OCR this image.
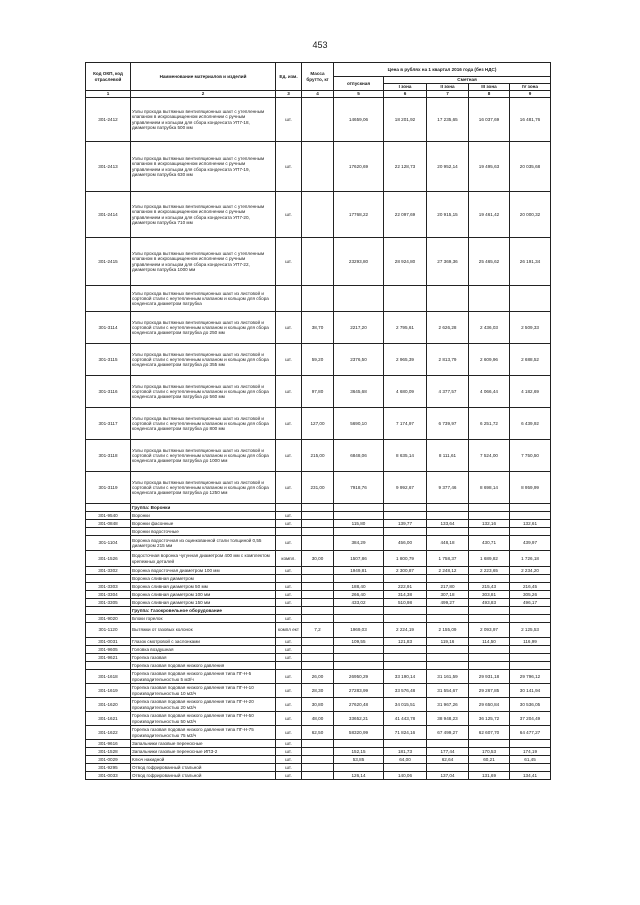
453
Код ОКП, код отраслевой	Наименование материалов и изделий	Ед. изм.	Масса брутто, кг	Цена в рублях на 1 квартал 2016 года (без НДС)				
				отпускная	Сметная			
					I зона	II зона	III зона	IV зона
1	2	3	4	5	6	7	8	9
301-2412	Узлы прохода вытяжных вентиляционных шахт с утепленным клапаном в искрозащищенном исполнении с ручным управлением и кольцом для сбора конденсата УП7-18, диаметром патрубка 500 мм	шт.		14659,06	18 201,92	17 235,65	16 037,69	16 481,76
301-2413	Узлы прохода вытяжных вентиляционных шахт с утепленным клапаном в искрозащищенном исполнении с ручным управлением и кольцом для сбора конденсата УП7-19, диаметром патрубка 630 мм	шт.		17620,69	22 128,73	20 952,14	19 495,63	20 035,68
301-2414	Узлы прохода вытяжных вентиляционных шахт с утепленным клапаном в искрозащищенном исполнении с ручным управлением и кольцом для сбора конденсата УП7-20, диаметром патрубка 710 мм	шт.		17768,22	22 097,69	20 915,15	19 461,42	20 000,32
301-2415	Узлы прохода вытяжных вентиляционных шахт с утепленным клапаном в искрозащищенном исполнении с ручным управлением и кольцом для сбора конденсата УП7-22, диаметром патрубка 1000 мм	шт.		23293,80	28 924,80	27 369,36	25 465,62	26 191,34
	Узлы прохода вытяжных вентиляционных шахт из листовой и сортовой стали с неутепленным клапаном и кольцом для сбора конденсата диаметром патрубка							
301-3114	Узлы прохода вытяжных вентиляционных шахт из листовой и сортовой стали с неутепленным клапаном и кольцом для сбора конденсата диаметром патрубка до 250 мм	шт.	38,70	2217,20	2 795,61	2 626,28	2 436,03	2 509,33
301-3115	Узлы прохода вытяжных вентиляционных шахт из листовой и сортовой стали с неутепленным клапаном и кольцом для сбора конденсата диаметром патрубка до 355 мм	шт.	59,20	2376,50	2 965,39	2 813,79	2 609,96	2 688,52
301-3116	Узлы прохода вытяжных вентиляционных шахт из листовой и сортовой стали с неутепленным клапаном и кольцом для сбора конденсата диаметром патрубка до 560 мм	шт.	97,80	3645,68	4 680,09	4 377,57	4 066,44	4 182,69
301-3117	Узлы прохода вытяжных вентиляционных шахт из листовой и сортовой стали с неутепленным клапаном и кольцом для сбора конденсата диаметром патрубка до 800 мм	шт.	127,00	5690,10	7 174,97	6 739,97	6 251,72	6 439,92
301-3118	Узлы прохода вытяжных вентиляционных шахт из листовой и сортовой стали с неутепленным клапаном и кольцом для сбора конденсата диаметром патрубка до 1000 мм	шт.	215,00	6848,06	8 635,14	8 111,61	7 524,00	7 750,50
301-3119	Узлы прохода вытяжных вентиляционных шахт из листовой и сортовой стали с неутепленным клапаном и кольцом для сбора конденсата диаметром патрубка до 1250 мм	шт.	231,00	7918,76	9 992,67	9 377,46	8 698,14	8 959,99
	Группа: Воронки							
301-9540	Воронки	шт.						
301-0848	Воронки фасонные	шт.		115,80	139,77	133,64	132,16	132,61
	Воронки водосточные							
301-1104	Воронка водосточная из оцинкованной стали толщиной 0,55 диаметром 215 мм	шт.		384,29	456,00	448,18	430,71	439,97
301-1526	Водосточная воронка чугунная диаметром 400 мм с комплектом крепежных деталей	компл.	30,00	1507,86	1 800,79	1 758,37	1 689,82	1 726,18
301-3302	Воронка водосточная диаметром 100 мм	шт.		1949,81	2 300,87	2 248,12	2 223,65	2 234,20
	Воронка сливная диаметром							
301-3303	Воронка сливная диаметром 50 мм	шт.		188,40	222,91	217,80	215,43	216,45
301-3304	Воронка сливная диаметром 100 мм	шт.		266,40	314,38	307,18	303,81	305,26
301-3305	Воронка сливная диаметром 150 мм	шт.		433,02	510,98	499,27	493,83	496,17
	Группа: Газокровельное оборудование							
301-9020	Блоки горелок	шт.						
301-1120	Вытяжки от газовых колонок	компл ект	7,2	1969,03	2 224,19	2 155,09	2 093,97	2 125,53
301-0031	Глазок смотровой с заслонками	шт.		109,55	121,83	119,16	114,50	116,99
301-9605	Головка воздушная	шт.						
301-9621	Горелка газовая	шт.						
	Горелка газовая подовая низкого давления							
301-1618	Горелка газовая подовая низкого давления типа ПГ-Н-5 производительностью 5 м3/ч	шт.	26,00	26950,29	33 190,14	31 161,59	29 931,18	29 796,12
301-1619	Горелка газовая подовая низкого давления типа ПГ-Н-10 производительностью 10 м3/ч	шт.	28,30	27283,99	33 576,48	31 554,67	29 267,85	30 141,94
301-1620	Горелка газовая подовая низкого давления типа ПГ-Н-20 производительностью 20 м3/ч	шт.	30,80	27620,48	34 015,51	31 967,26	29 650,84	30 536,05
301-1621	Горелка газовая подовая низкого давления типа ПГ-Н-50 производительностью 50 м3/ч	шт.	48,00	33652,21	41 443,78	38 948,23	36 125,72	37 204,49
301-1622	Горелка газовая подовая низкого давления типа ПГ-Н-75 производительностью 75 м3/ч	шт.	62,50	58320,99	71 824,16	67 499,27	62 607,70	64 477,27
301-9616	Запальники газовые переносные	шт.						
301-1528	Запальники газовые переносные ИПЗ-2	шт.		152,15	181,73	177,44	170,53	174,19
301-0029	Ключ накидной	шт.		53,85	64,00	62,64	60,21	61,45
301-9295	Отвод гофрированный стальной	шт.						
301-0033	Отвод гофрированный стальной	шт.		126,14	140,06	137,04	131,69	134,41
